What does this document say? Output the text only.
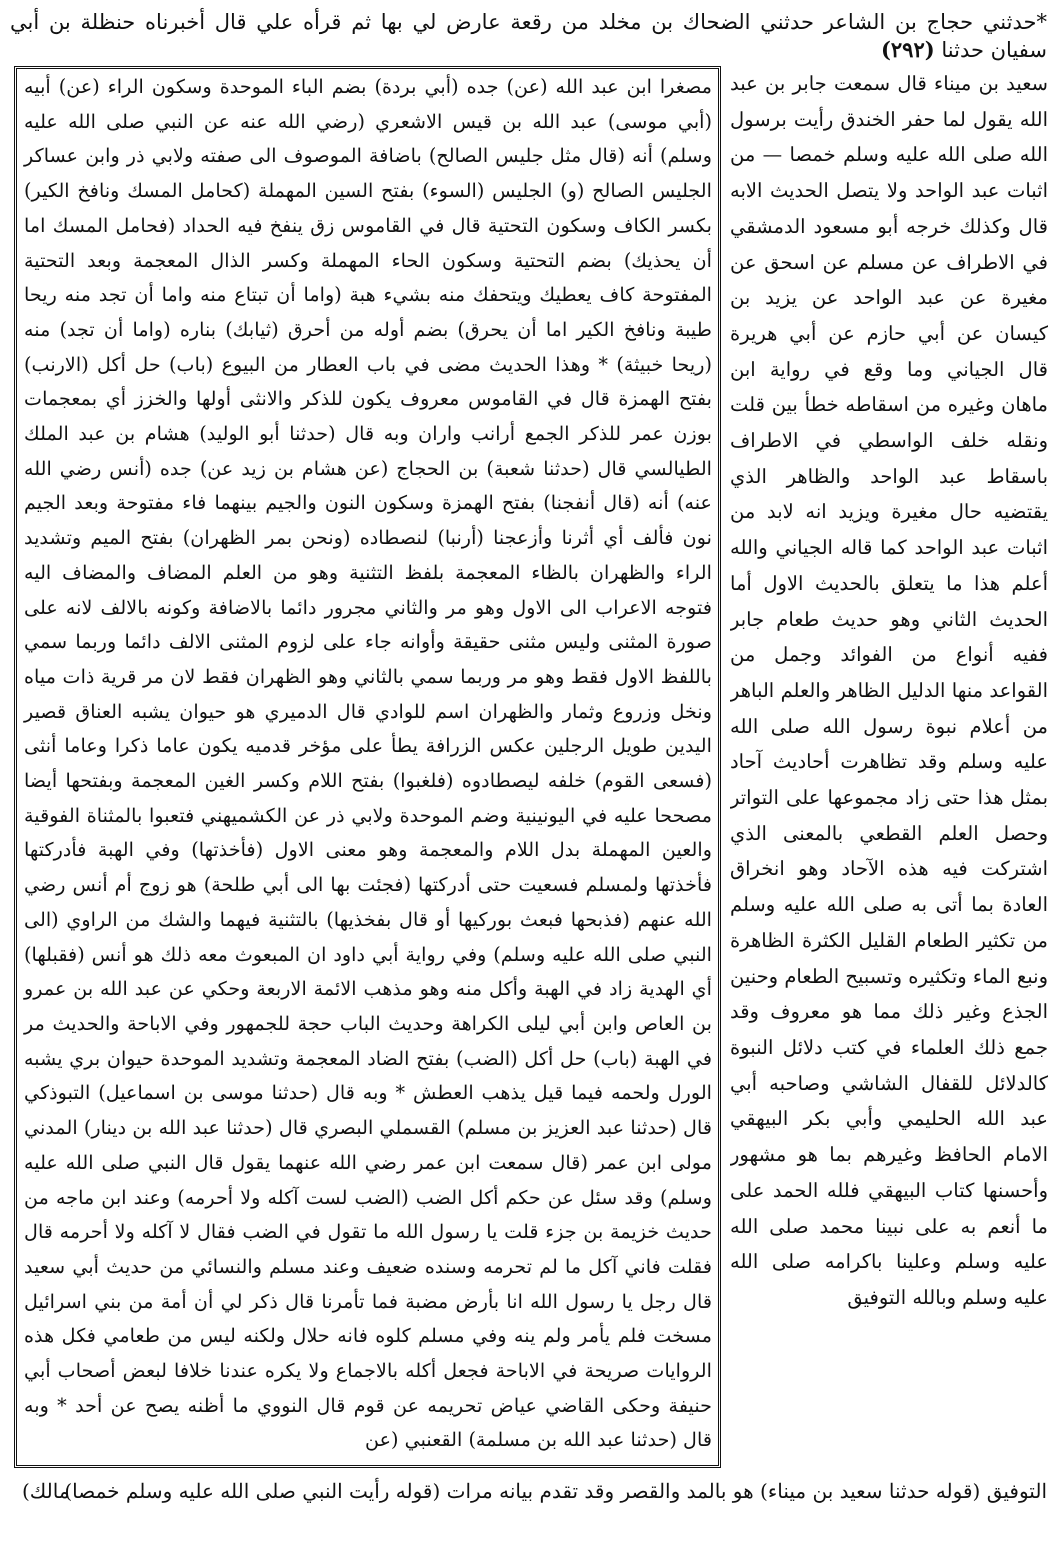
*حدثني حجاج بن الشاعر حدثني الضحاك بن مخلد من رقعة عارض لي بها ثم قرأه علي قال أخبرناه حنظلة بن أبي سفيان حدثنا (٢٩٢)
مصغرا ابن عبد الله (عن) جده (أبي بردة) بضم الباء الموحدة وسكون الراء (عن) أبيه (أبي موسى) عبد الله بن قيس الاشعري (رضي الله عنه عن النبي صلى الله عليه وسلم) أنه (قال مثل جليس الصالح) باضافة الموصوف الى صفته ولابي ذر وابن عساكر الجليس الصالح (و) الجليس (السوء) بفتح السين المهملة (كحامل المسك ونافخ الكير) بكسر الكاف وسكون التحتية قال في القاموس زق ينفخ فيه الحداد (فحامل المسك اما أن يحذيك) بضم التحتية وسكون الحاء المهملة وكسر الذال المعجمة وبعد التحتية المفتوحة كاف يعطيك ويتحفك منه بشيء هبة (واما أن تبتاع منه واما أن تجد منه ريحا طيبة ونافخ الكير اما أن يحرق) بضم أوله من أحرق (ثيابك) بناره (واما أن تجد) منه (ريحا خبيثة) * وهذا الحديث مضى في باب العطار من البيوع (باب) حل أكل (الارنب) بفتح الهمزة قال في القاموس معروف يكون للذكر والانثى أولها والخزز أي بمعجمات بوزن عمر للذكر الجمع أرانب واران وبه قال (حدثنا أبو الوليد) هشام بن عبد الملك الطيالسي قال (حدثنا شعبة) بن الحجاج (عن هشام بن زيد عن) جده (أنس رضي الله عنه) أنه (قال أنفجنا) بفتح الهمزة وسكون النون والجيم بينهما فاء مفتوحة وبعد الجيم نون فألف أي أثرنا وأزعجنا (أرنبا) لنصطاده (ونحن بمر الظهران) بفتح الميم وتشديد الراء والظهران بالظاء المعجمة بلفظ التثنية وهو من العلم المضاف والمضاف اليه فتوجه الاعراب الى الاول وهو مر والثاني مجرور دائما بالاضافة وكونه بالالف لانه على صورة المثنى وليس مثنى حقيقة وأوانه جاء على لزوم المثنى الالف دائما وربما سمي باللفظ الاول فقط وهو مر وربما سمي بالثاني وهو الظهران فقط لان مر قرية ذات مياه ونخل وزروع وثمار والظهران اسم للوادي قال الدميري هو حيوان يشبه العناق قصير اليدين طويل الرجلين عكس الزرافة يطأ على مؤخر قدميه يكون عاما ذكرا وعاما أنثى (فسعى القوم) خلفه ليصطادوه (فلغبوا) بفتح اللام وكسر الغين المعجمة وبفتحها أيضا مصححا عليه في اليونينية وضم الموحدة ولابي ذر عن الكشميهني فتعبوا بالمثناة الفوقية والعين المهملة بدل اللام والمعجمة وهو معنى الاول (فأخذتها) وفي الهبة فأدركتها فأخذتها ولمسلم فسعيت حتى أدركتها (فجئت بها الى أبي طلحة) هو زوج أم أنس رضي الله عنهم (فذبحها فبعث بوركيها أو قال بفخذيها) بالتثنية فيهما والشك من الراوي (الى النبي صلى الله عليه وسلم) وفي رواية أبي داود ان المبعوث معه ذلك هو أنس (فقبلها) أي الهدية زاد في الهبة وأكل منه وهو مذهب الائمة الاربعة وحكي عن عبد الله بن عمرو بن العاص وابن أبي ليلى الكراهة وحديث الباب حجة للجمهور وفي الاباحة والحديث مر في الهبة (باب) حل أكل (الضب) بفتح الضاد المعجمة وتشديد الموحدة حيوان بري يشبه الورل ولحمه فيما قيل يذهب العطش * وبه قال (حدثنا موسى بن اسماعيل) التبوذكي قال (حدثنا عبد العزيز بن مسلم) القسملي البصري قال (حدثنا عبد الله بن دينار) المدني مولى ابن عمر (قال سمعت ابن عمر رضي الله عنهما يقول قال النبي صلى الله عليه وسلم) وقد سئل عن حكم أكل الضب (الضب لست آكله ولا أحرمه) وعند ابن ماجه من حديث خزيمة بن جزء قلت يا رسول الله ما تقول في الضب فقال لا آكله ولا أحرمه قال فقلت فاني آكل ما لم تحرمه وسنده ضعيف وعند مسلم والنسائي من حديث أبي سعيد قال رجل يا رسول الله انا بأرض مضبة فما تأمرنا قال ذكر لي أن أمة من بني اسرائيل مسخت فلم يأمر ولم ينه وفي مسلم كلوه فانه حلال ولكنه ليس من طعامي فكل هذه الروايات صريحة في الاباحة فجعل أكله بالاجماع ولا يكره عندنا خلافا لبعض أصحاب أبي حنيفة وحكى القاضي عياض تحريمه عن قوم قال النووي ما أظنه يصح عن أحد * وبه قال (حدثنا عبد الله بن مسلمة) القعنبي (عن
سعيد بن ميناء قال سمعت جابر بن عبد الله يقول لما حفر الخندق رأيت برسول الله صلى الله عليه وسلم خمصا — من اثبات عبد الواحد ولا يتصل الحديث الابه قال وكذلك خرجه أبو مسعود الدمشقي في الاطراف عن مسلم عن اسحق عن مغيرة عن عبد الواحد عن يزيد بن كيسان عن أبي حازم عن أبي هريرة قال الجياني وما وقع في رواية ابن ماهان وغيره من اسقاطه خطأ بين قلت ونقله خلف الواسطي في الاطراف باسقاط عبد الواحد والظاهر الذي يقتضيه حال مغيرة ويزيد انه لابد من اثبات عبد الواحد كما قاله الجياني والله أعلم هذا ما يتعلق بالحديث الاول أما الحديث الثاني وهو حديث طعام جابر ففيه أنواع من الفوائد وجمل من القواعد منها الدليل الظاهر والعلم الباهر من أعلام نبوة رسول الله صلى الله عليه وسلم وقد تظاهرت أحاديث آحاد بمثل هذا حتى زاد مجموعها على التواتر وحصل العلم القطعي بالمعنى الذي اشتركت فيه هذه الآحاد وهو انخراق العادة بما أتى به صلى الله عليه وسلم من تكثير الطعام القليل الكثرة الظاهرة ونبع الماء وتكثيره وتسبيح الطعام وحنين الجذع وغير ذلك مما هو معروف وقد جمع ذلك العلماء في كتب دلائل النبوة كالدلائل للقفال الشاشي وصاحبه أبي عبد الله الحليمي وأبي بكر البيهقي الامام الحافظ وغيرهم بما هو مشهور وأحسنها كتاب البيهقي فلله الحمد على ما أنعم به على نبينا محمد صلى الله عليه وسلم وعلينا باكرامه صلى الله عليه وسلم وبالله التوفيق
التوفيق (قوله حدثنا سعيد بن ميناء) هو بالمد والقصر وقد تقدم بيانه مرات (قوله رأيت النبي صلى الله عليه وسلم خمصا)
مالك)
